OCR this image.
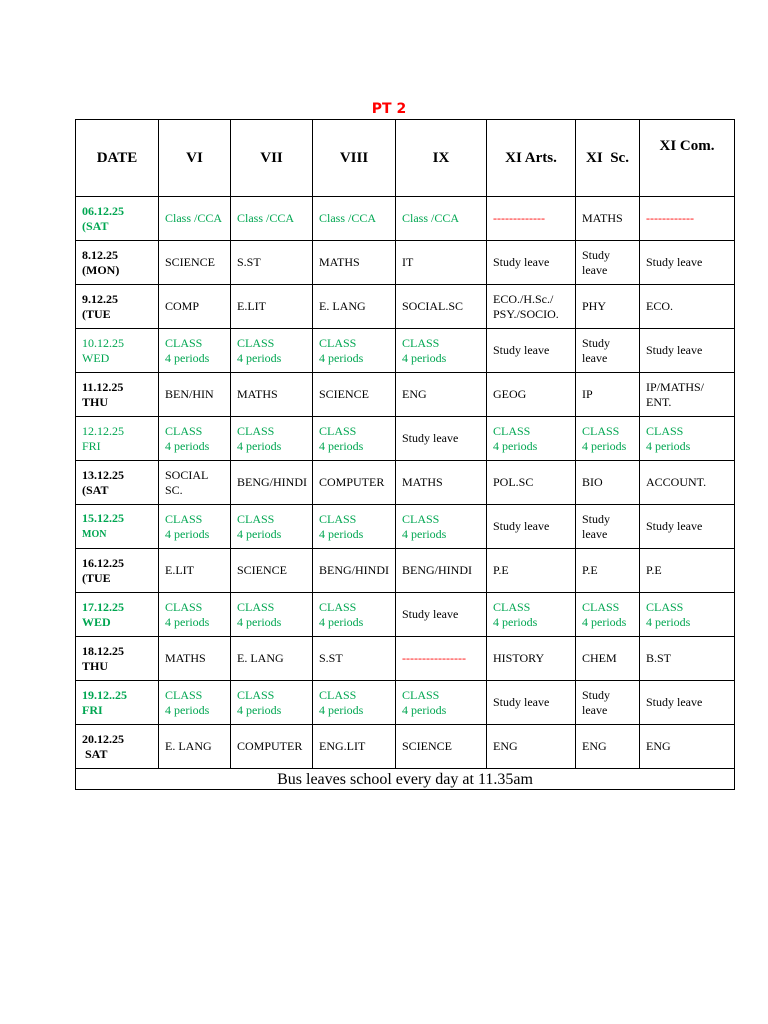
PT 2
DATE	VI	VII	VIII	IX	XI Arts.	XI  Sc.	XI Com.
06.12.25
(SAT	Class /CCA	Class /CCA	Class /CCA	Class /CCA	-------------	MATHS	------------
8.12.25
(MON)	SCIENCE	S.ST	MATHS	IT	Study leave	Study
leave	Study leave
9.12.25
(TUE	COMP	E.LIT	E. LANG	SOCIAL.SC	ECO./H.Sc./
PSY./SOCIO.	PHY	ECO.
10.12.25
WED	CLASS
4 periods	CLASS
4 periods	CLASS
4 periods	CLASS
4 periods	Study leave	Study
leave	Study leave
11.12.25
THU	BEN/HIN	MATHS	SCIENCE	ENG	GEOG	IP	IP/MATHS/
ENT.
12.12.25
FRI	CLASS
4 periods	CLASS
4 periods	CLASS
4 periods	Study leave	CLASS
4 periods	CLASS
4 periods	CLASS
4 periods
13.12.25
(SAT	SOCIAL
SC.	BENG/HINDI	COMPUTER	MATHS	POL.SC	BIO	ACCOUNT.
15.12.25
MON	CLASS
4 periods	CLASS
4 periods	CLASS
4 periods	CLASS
4 periods	Study leave	Study
leave	Study leave
16.12.25
(TUE	E.LIT	SCIENCE	BENG/HINDI	BENG/HINDI	P.E	P.E	P.E
17.12.25
WED	CLASS
4 periods	CLASS
4 periods	CLASS
4 periods	Study leave	CLASS
4 periods	CLASS
4 periods	CLASS
4 periods
18.12.25
THU	MATHS	E. LANG	S.ST	----------------	HISTORY	CHEM	B.ST
19.12..25
FRI	CLASS
4 periods	CLASS
4 periods	CLASS
4 periods	CLASS
4 periods	Study leave	Study
leave	Study leave
20.12.25
SAT	E. LANG	COMPUTER	ENG.LIT	SCIENCE	ENG	ENG	ENG
Bus leaves school every day at 11.35am							
